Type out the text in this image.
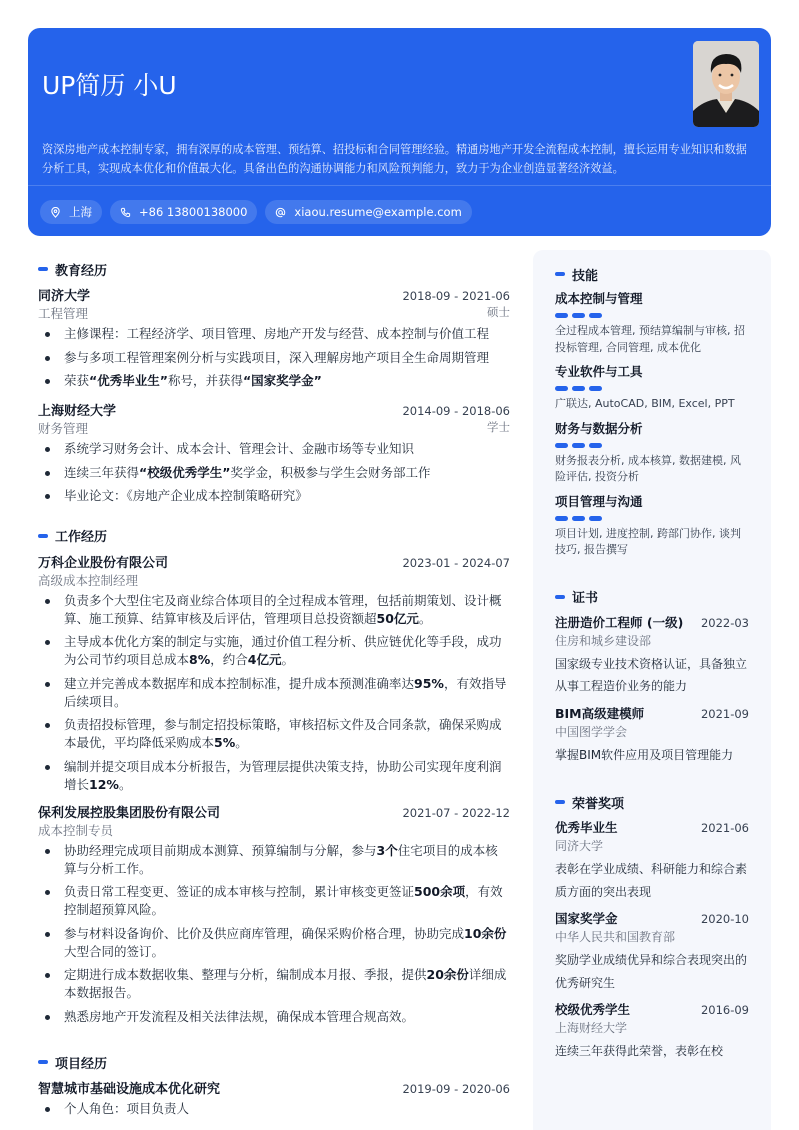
UP简历 小U
资深房地产成本控制专家，拥有深厚的成本管理、预结算、招投标和合同管理经验。精通房地产开发全流程成本控制，擅长运用专业知识和数据分析工具，实现成本优化和价值最大化。具备出色的沟通协调能力和风险预判能力，致力于为企业创造显著经济效益。
上海	+86 13800138000	xiaou.resume@example.com
教育经历
同济大学	2018-09 - 2021-06
工程管理	硕士
主修课程：工程经济学、项目管理、房地产开发与经营、成本控制与价值工程
参与多项工程管理案例分析与实践项目，深入理解房地产项目全生命周期管理
荣获“优秀毕业生”称号，并获得“国家奖学金”
上海财经大学	2014-09 - 2018-06
财务管理	学士
系统学习财务会计、成本会计、管理会计、金融市场等专业知识
连续三年获得“校级优秀学生”奖学金，积极参与学生会财务部工作
毕业论文：《房地产企业成本控制策略研究》
工作经历
万科企业股份有限公司	2023-01 - 2024-07
高级成本控制经理
负责多个大型住宅及商业综合体项目的全过程成本管理，包括前期策划、设计概算、施工预算、结算审核及后评估，管理项目总投资额超50亿元。
主导成本优化方案的制定与实施，通过价值工程分析、供应链优化等手段，成功为公司节约项目总成本8%，约合4亿元。
建立并完善成本数据库和成本控制标准，提升成本预测准确率达95%，有效指导后续项目。
负责招投标管理，参与制定招投标策略，审核招标文件及合同条款，确保采购成本最优，平均降低采购成本5%。
编制并提交项目成本分析报告，为管理层提供决策支持，协助公司实现年度利润增长12%。
保利发展控股集团股份有限公司	2021-07 - 2022-12
成本控制专员
协助经理完成项目前期成本测算、预算编制与分解，参与3个住宅项目的成本核算与分析工作。
负责日常工程变更、签证的成本审核与控制，累计审核变更签证500余项，有效控制超预算风险。
参与材料设备询价、比价及供应商库管理，确保采购价格合理，协助完成10余份大型合同的签订。
定期进行成本数据收集、整理与分析，编制成本月报、季报，提供20余份详细成本数据报告。
熟悉房地产开发流程及相关法律法规，确保成本管理合规高效。
项目经历
智慧城市基础设施成本优化研究	2019-09 - 2020-06
个人角色：项目负责人
技能
成本控制与管理
全过程成本管理, 预结算编制与审核, 招投标管理, 合同管理, 成本优化
专业软件与工具
广联达, AutoCAD, BIM, Excel, PPT
财务与数据分析
财务报表分析, 成本核算, 数据建模, 风险评估, 投资分析
项目管理与沟通
项目计划, 进度控制, 跨部门协作, 谈判技巧, 报告撰写
证书
注册造价工程师 (一级) 2022-03
住房和城乡建设部
国家级专业技术资格认证，具备独立从事工程造价业务的能力
BIM高级建模师	2021-09
中国图学学会
掌握BIM软件应用及项目管理能力
荣誉奖项
优秀毕业生	2021-06
同济大学
表彰在学业成绩、科研能力和综合素质方面的突出表现
国家奖学金	2020-10
中华人民共和国教育部
奖励学业成绩优异和综合表现突出的优秀研究生
校级优秀学生	2016-09
上海财经大学
连续三年获得此荣誉，表彰在校
